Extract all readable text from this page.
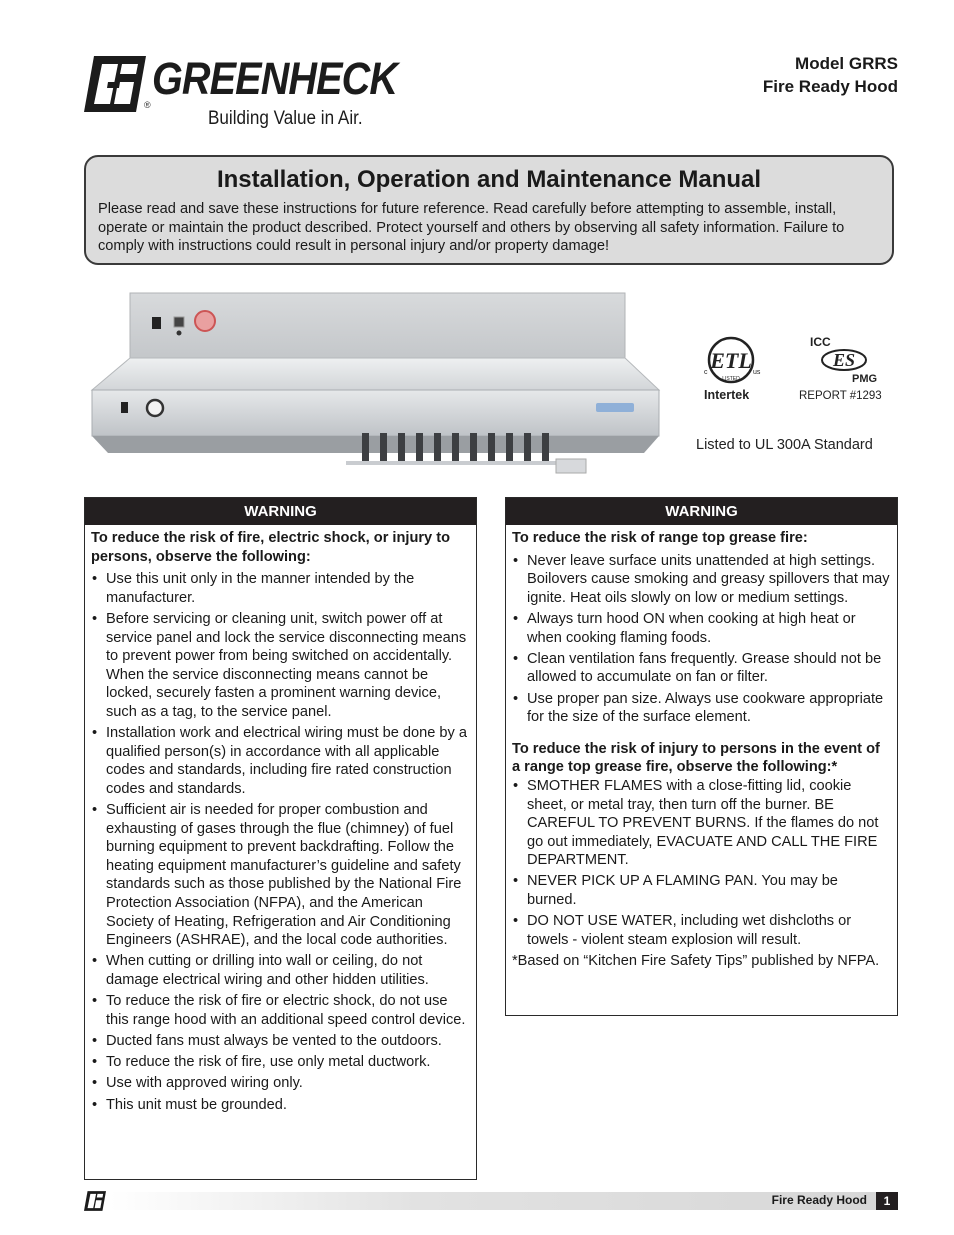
®
GREENHECK
Building Value in Air.
Model GRRS
Fire Ready Hood
Installation, Operation and Maintenance Manual
Please read and save these instructions for future reference. Read carefully before attempting to assemble, install, operate or maintain the product described. Protect yourself and others by observing all safety information. Failure to comply with instructions could result in personal injury and/or property damage!
ETL
c	us
LISTED
Intertek
ICC
ES
PMG
REPORT #1293
Listed to UL 300A Standard
WARNING
To reduce the risk of fire, electric shock, or injury to persons, observe the following:
• Use this unit only in the manner intended by the manufacturer.
• Before servicing or cleaning unit, switch power off at service panel and lock the service disconnecting means to prevent power from being switched on accidentally. When the service disconnecting means cannot be locked, securely fasten a prominent warning device, such as a tag, to the service panel.
• Installation work and electrical wiring must be done by a qualified person(s) in accordance with all applicable codes and standards, including fire rated construction codes and standards.
• Sufficient air is needed for proper combustion and exhausting of gases through the flue (chimney) of fuel burning equipment to prevent backdrafting. Follow the heating equipment manufacturer’s guideline and safety standards such as those published by the National Fire Protection Association (NFPA), and the American Society of Heating, Refrigeration and Air Conditioning Engineers (ASHRAE), and the local code authorities.
• When cutting or drilling into wall or ceiling, do not damage electrical wiring and other hidden utilities.
• To reduce the risk of fire or electric shock, do not use this range hood with an additional speed control device.
• Ducted fans must always be vented to the outdoors.
• To reduce the risk of fire, use only metal ductwork.
• Use with approved wiring only.
• This unit must be grounded.
WARNING
To reduce the risk of range top grease fire:
• Never leave surface units unattended at high settings. Boilovers cause smoking and greasy spillovers that may ignite. Heat oils slowly on low or medium settings.
• Always turn hood ON when cooking at high heat or when cooking flaming foods.
• Clean ventilation fans frequently. Grease should not be allowed to accumulate on fan or filter.
• Use proper pan size. Always use cookware appropriate for the size of the surface element.
To reduce the risk of injury to persons in the event of a range top grease fire, observe the following:*
• SMOTHER FLAMES with a close-fitting lid, cookie sheet, or metal tray, then turn off the burner. BE CAREFUL TO PREVENT BURNS. If the flames do not go out immediately, EVACUATE AND CALL THE FIRE DEPARTMENT.
• NEVER PICK UP A FLAMING PAN. You may be burned.
• DO NOT USE WATER, including wet dishcloths or towels - violent steam explosion will result.
*Based on “Kitchen Fire Safety Tips” published by NFPA.
Fire Ready Hood	1
